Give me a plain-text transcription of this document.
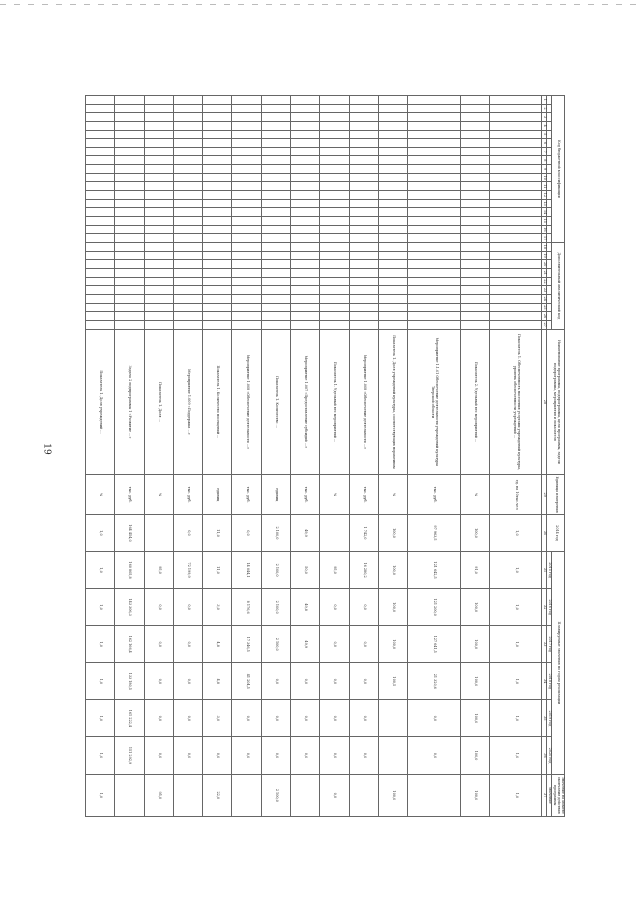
19
Код бюджетной классификации																	Дополнительный аналитический код										Наименование программы, подпрограммы, цели программы, задачи подпрограммы, мероприятия и показателя	Единица измерения	2014 год	Планируемые значения по годам реализации						Значение на момент окончания действия программы
																														2015 год	2016 год	2017 год	2018 год	2019 год	2020 год	значение
1	2	3	4	5	6	7	8	9	10	11	12	13	14	15	16	17	18	19	20	21	22	23	24	25	26	27	28	29	30	31	32	33	34	35	36	37
																											Показатель 1. Обеспеченность населения услугами учреждений культуры, уровень обеспеченности учреждений ...	ед. на 10тыс.чел	1,0	1,0	1,0	1,0	1,0	1,0	1,0	1,0
																											Показатель 2. Удельный вес мероприятий ...	%	100,0	91,0	100,0	100,0	100,0	100,0	100,0	100,0
																											Мероприятие 1.1.01 Обеспечение деятельности учреждений культуры Тверской области	тыс. руб.	97 963,5	121 642,5	121 200,0	127 641,5	21 320,6	0,0	0,0	
																											Показатель 1. Доля учреждений культуры, соответствующих нормативам	%	100,0	100,0	100,0	100,0	100,5			100,0
																											Мероприятие 1.008 «Обеспечение деятельности ...»	тыс. руб.	1 742,0	16 280,2	0,0	0,0	0,0	0,0	0,0	
																											Показатель 1. Удельный вес мероприятий ...	%		95,0	0,0	0,0	0,0	0,0	0,0	0,0
																											Мероприятие 1.007 «Предоставление субсидий ...»	тыс. руб.	49,9	50,0	49,8	49,9	0,0	0,0	0,0	
																											Показатель 1. Количество ...	единиц	2 100,0	2 100,0	2 100,0	2 100,0	0,0	0,0	0,0	2 100,0
																											Мероприятие 1.008 «Обеспечение деятельности ...»	тыс. руб.	0,0	14 044,1	8 176,6	17 346,5	41 204,5	0,0	0,0	
																											Показатель 1. Количество посещений ...	единиц	11,0	11,0	3,0	4,8	4,8	3,0	0,0	22,0
																											Мероприятие 1.009 «Поддержка ...»	тыс. руб.	0,0	72 199,9	0,0	0,0	0,0	0,0	0,0	
																											Показатель 1. Доля ...	%		95,0	0,0	0,0	0,0	0,0	0,0	95,0
																											Задача 2 подпрограммы 1 «Развитие ...»	тыс. руб.	164 454,0	160 805,8	143 306,3	162 166,4	133 180,5	161 222,4	151 292,9	
																											Показатель 1. Доля учреждений ...	%	1,0	1,0	1,0	1,0	1,0	1,0	1,0	1,0
